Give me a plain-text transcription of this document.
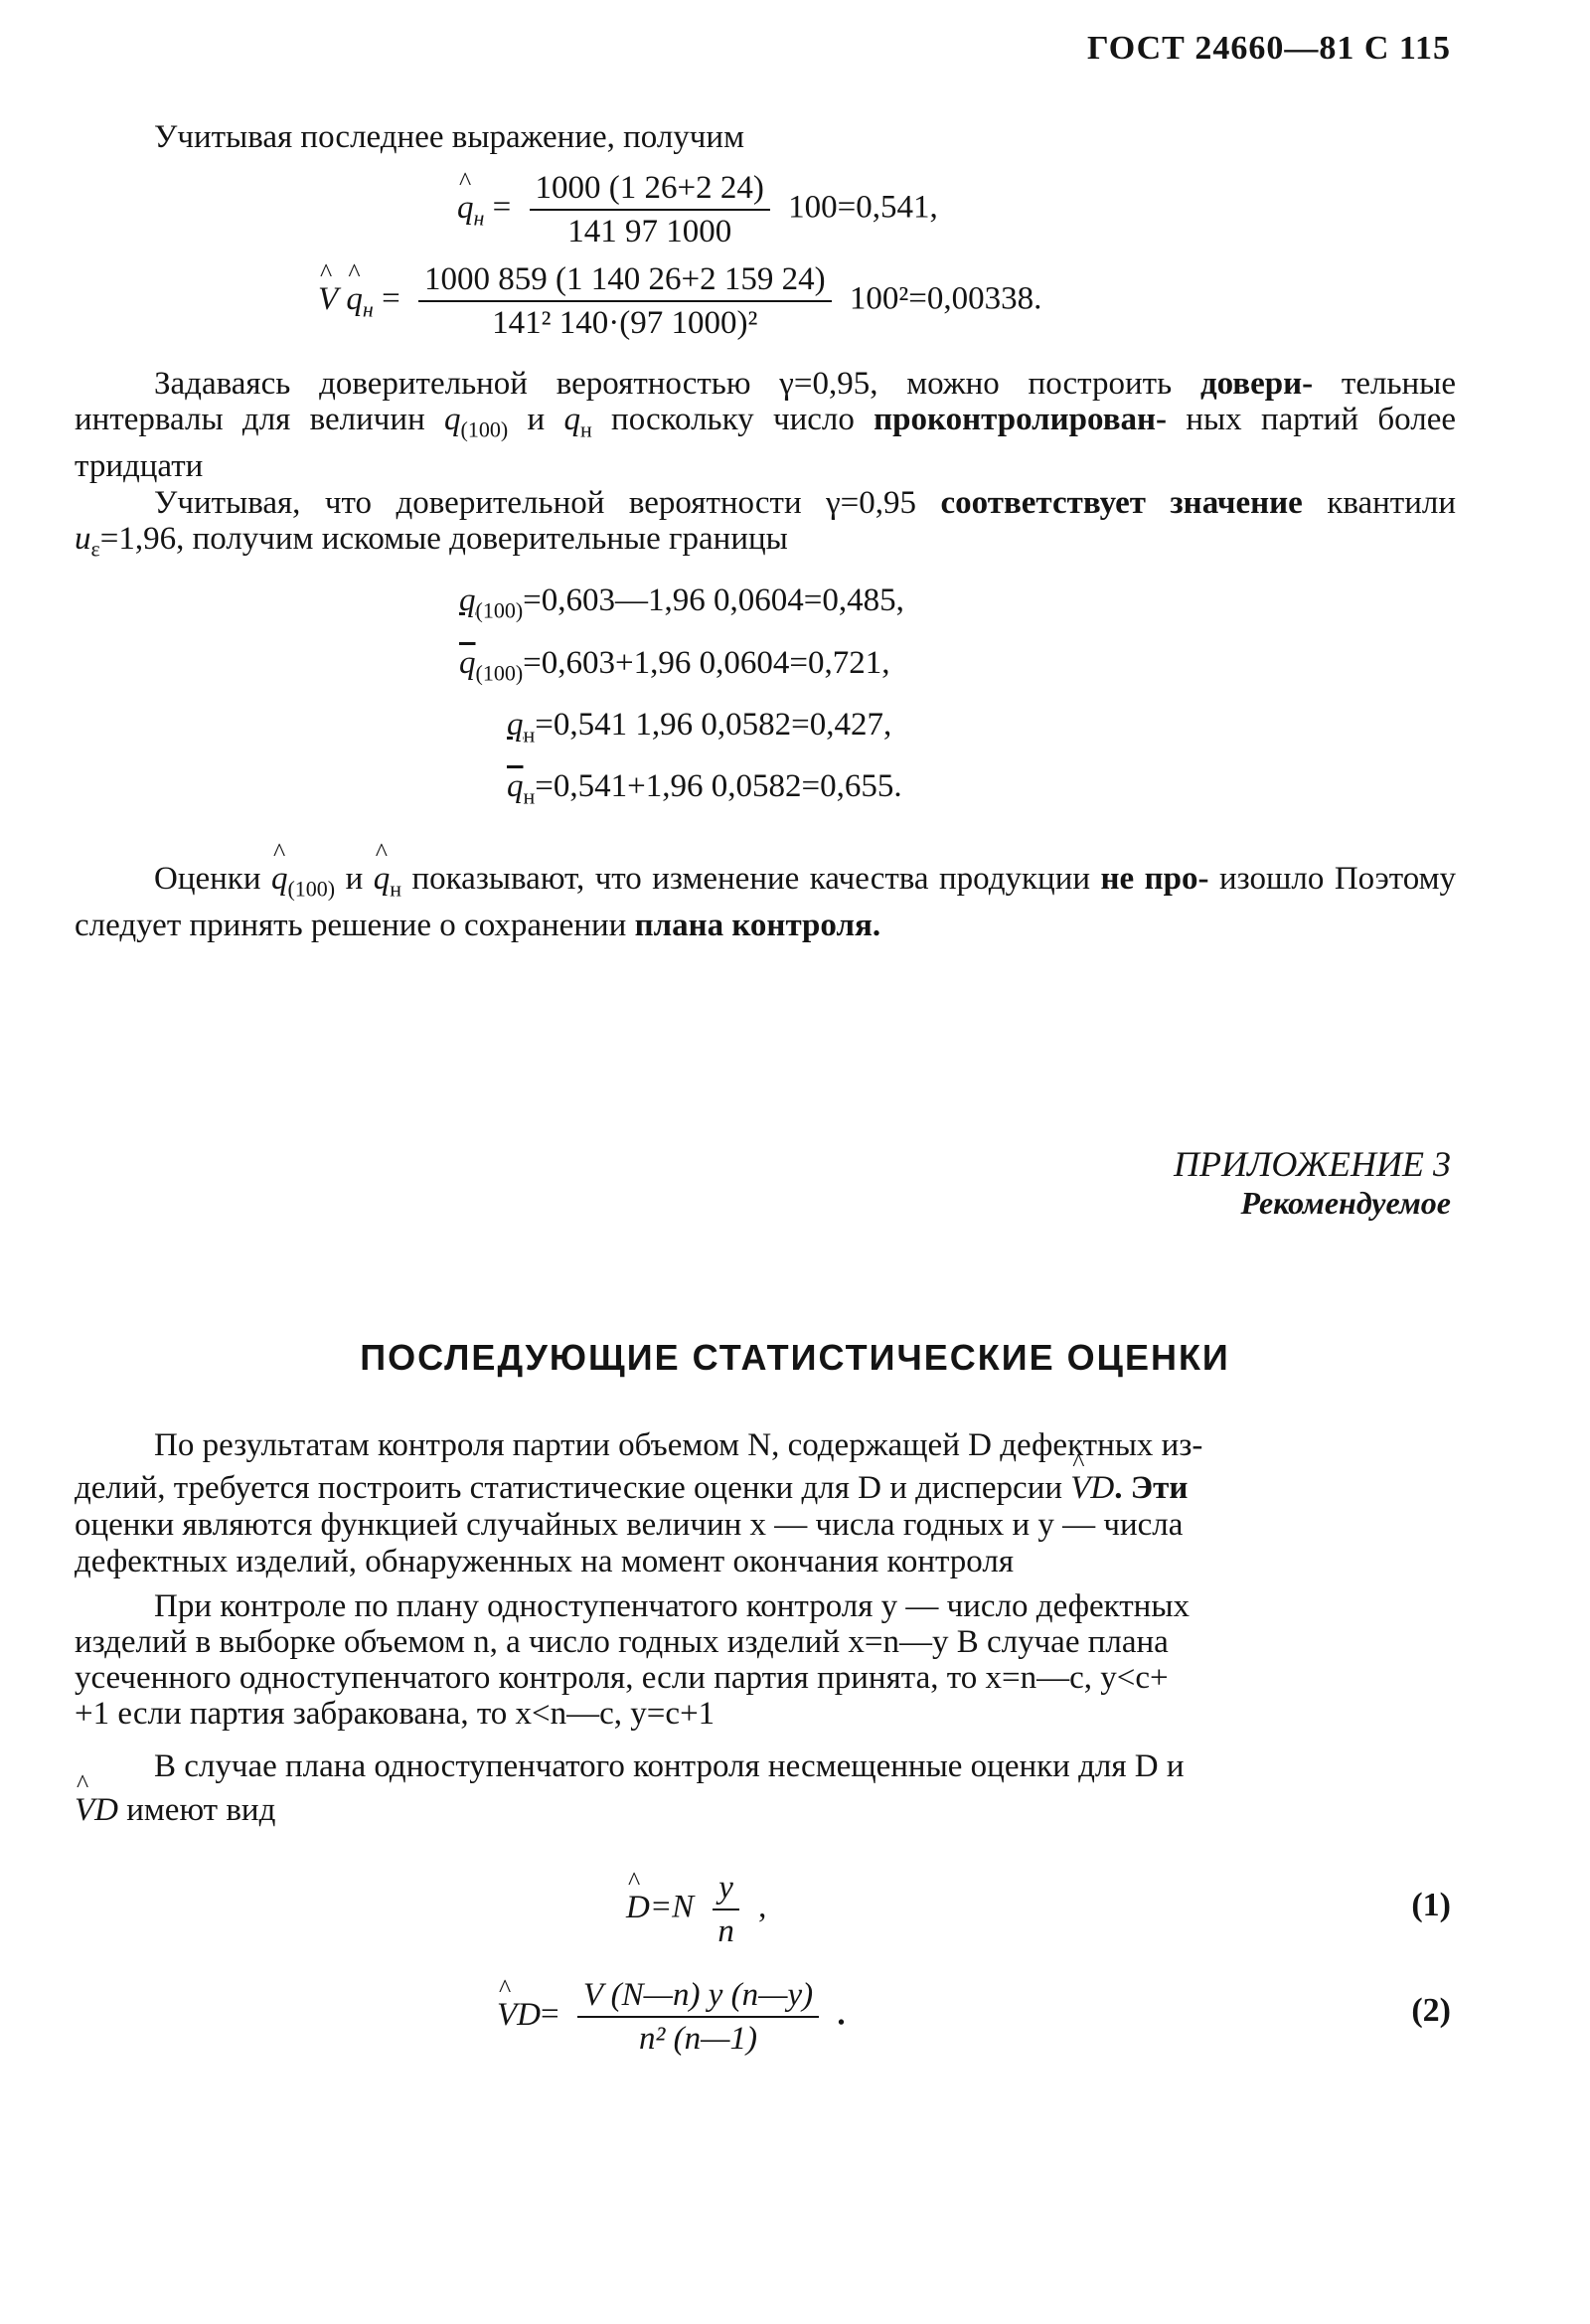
ГОСТ 24660—81 С 115
Учитывая последнее выражение, получим
^ $q_н = \frac{1000 (1 26+2 24)}{141 97 1000} 100=0,541$,
^ V ^ $q_н = \frac{1000 859 (1 140 26+2 159 24)}{\text{141² 140·(97 1000)²}} 100^2=0,00338$.
Задаваясь доверительной вероятностью γ=0,95, можно построить довери- тельные интервалы для величин $q_{(100)}$ и $q_н$ поскольку число проконтролирован- ных партий более тридцати
Учитывая, что доверительной вероятности γ=0,95 соответствует значение квантили $u_\varepsilon=1,96$, получим искомые доверительные границы
$q_{(100)}=0,603—1,96$ 0,0604=0,485,
$\overline{q}_{(100)}=0,603+1,96$ 0,0604=0,721,
$q_н=0,541$ 1,96 0,0582=0,427,
$\overline{q}_н=0,541+1,96$ 0,0582=0,655.
Оценки ^ $q_{(100)}$ и ^ $q_н$ показывают, что изменение качества продукции не про- изошло Поэтому следует принять решение о сохранении плана контроля.
ПРИЛОЖЕНИЕ 3
Рекомендуемое
ПОСЛЕДУЮЩИЕ СТАТИСТИЧЕСКИЕ ОЦЕНКИ
По результатам контроля партии объемом N, содержащей D дефектных из-
делий, требуется построить статистические оценки для D и дисперсии ^ VD. Эти
оценки являются функцией случайных величин x — числа годных и y — числа
дефектных изделий, обнаруженных на момент окончания контроля
При контроле по плану одноступенчатого контроля y — число дефектных
изделий в выборке объемом n, а число годных изделий x=n—y В случае плана
усеченного одноступенчатого контроля, если партия принята, то x=n—c, y<c+
+1 если партия забракована, то x<n—c, y=c+1
В случае плана одноступенчатого контроля несмещенные оценки для D и
^ VD имеют вид
^ $D=N \frac{y}{n}$ ,	(1)
^ $VD= \frac{V (N—n) y (n—y)}{\text{n² (n—1)}}$ .	(2)
